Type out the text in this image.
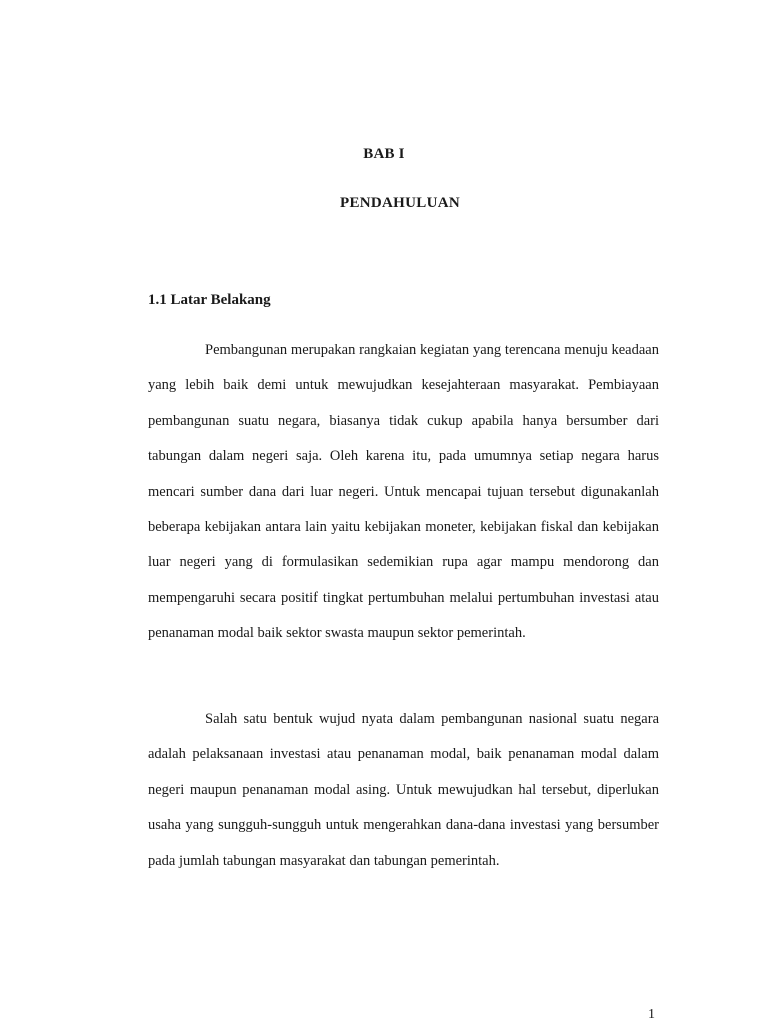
BAB I
PENDAHULUAN
1.1 Latar Belakang

Pembangunan merupakan rangkaian kegiatan yang terencana menuju keadaan yang lebih baik demi untuk mewujudkan kesejahteraan masyarakat. Pembiayaan pembangunan suatu negara, biasanya tidak cukup apabila hanya bersumber dari tabungan dalam negeri saja. Oleh karena itu, pada umumnya setiap negara harus mencari sumber dana dari luar negeri. Untuk mencapai tujuan tersebut digunakanlah beberapa kebijakan antara lain yaitu kebijakan moneter, kebijakan fiskal dan kebijakan luar negeri yang di formulasikan sedemikian rupa agar mampu mendorong dan mempengaruhi secara positif tingkat pertumbuhan melalui pertumbuhan investasi atau penanaman modal baik sektor swasta maupun sektor pemerintah.

Salah satu bentuk wujud nyata dalam pembangunan nasional suatu negara adalah pelaksanaan investasi atau penanaman modal, baik penanaman modal dalam negeri maupun penanaman modal asing. Untuk mewujudkan hal tersebut, diperlukan usaha yang sungguh-sungguh untuk mengerahkan dana-dana investasi yang bersumber pada jumlah tabungan masyarakat dan tabungan pemerintah.

1
